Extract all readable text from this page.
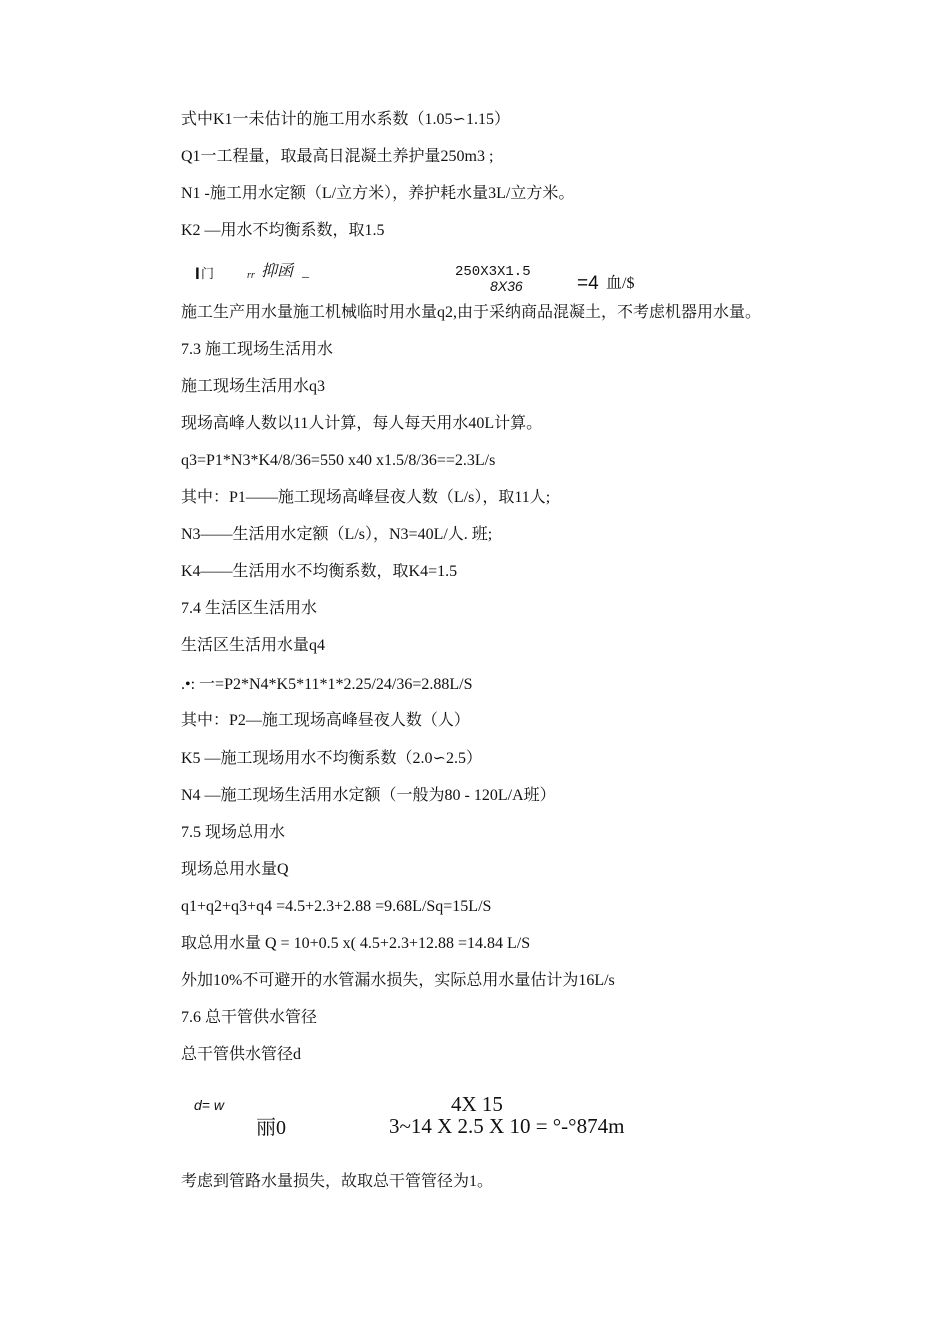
式中K1一未估计的施工用水系数（1.05∽1.15）

Q1一工程量，取最高日混凝土养护量250m3 ;

N1 -施工用水定额（L/立方米），养护耗水量3L/立方米。

K2 —用水不均衡系数，取1.5

I 门	rr 抑函 _	250X3X1.5
8X36	=4 血/$

施工生产用水量施工机械临时用水量q2,由于采纳商品混凝土，不考虑机器用水量。

7.3 施工现场生活用水

施工现场生活用水q3

现场高峰人数以11人计算，每人每天用水40L计算。

q3=P1*N3*K4/8/36=550 x40 x1.5/8/36==2.3L/s

其中：P1——施工现场高峰昼夜人数（L/s），取11人;

N3——生活用水定额（L/s），N3=40L/人. 班;

K4——生活用水不均衡系数，取K4=1.5

7.4 生活区生活用水

生活区生活用水量q4

.•: 一=P2*N4*K5*11*1*2.25/24/36=2.88L/S

其中：P2—施工现场高峰昼夜人数（人）

K5 —施工现场用水不均衡系数（2.0∽2.5）

N4 —施工现场生活用水定额（一般为80 - 120L/A班）

7.5 现场总用水

现场总用水量Q

q1+q2+q3+q4 =4.5+2.3+2.88 =9.68L/Sq=15L/S

取总用水量 Q = 10+0.5 x( 4.5+2.3+12.88 =14.84 L/S

外加10%不可避开的水管漏水损失，实际总用水量估计为16L/s

7.6 总干管供水管径

总干管供水管径d

d= w
丽0
4X 15
3~14 X 2.5 X 10 = °-°874m

考虑到管路水量损失，故取总干管管径为1。
